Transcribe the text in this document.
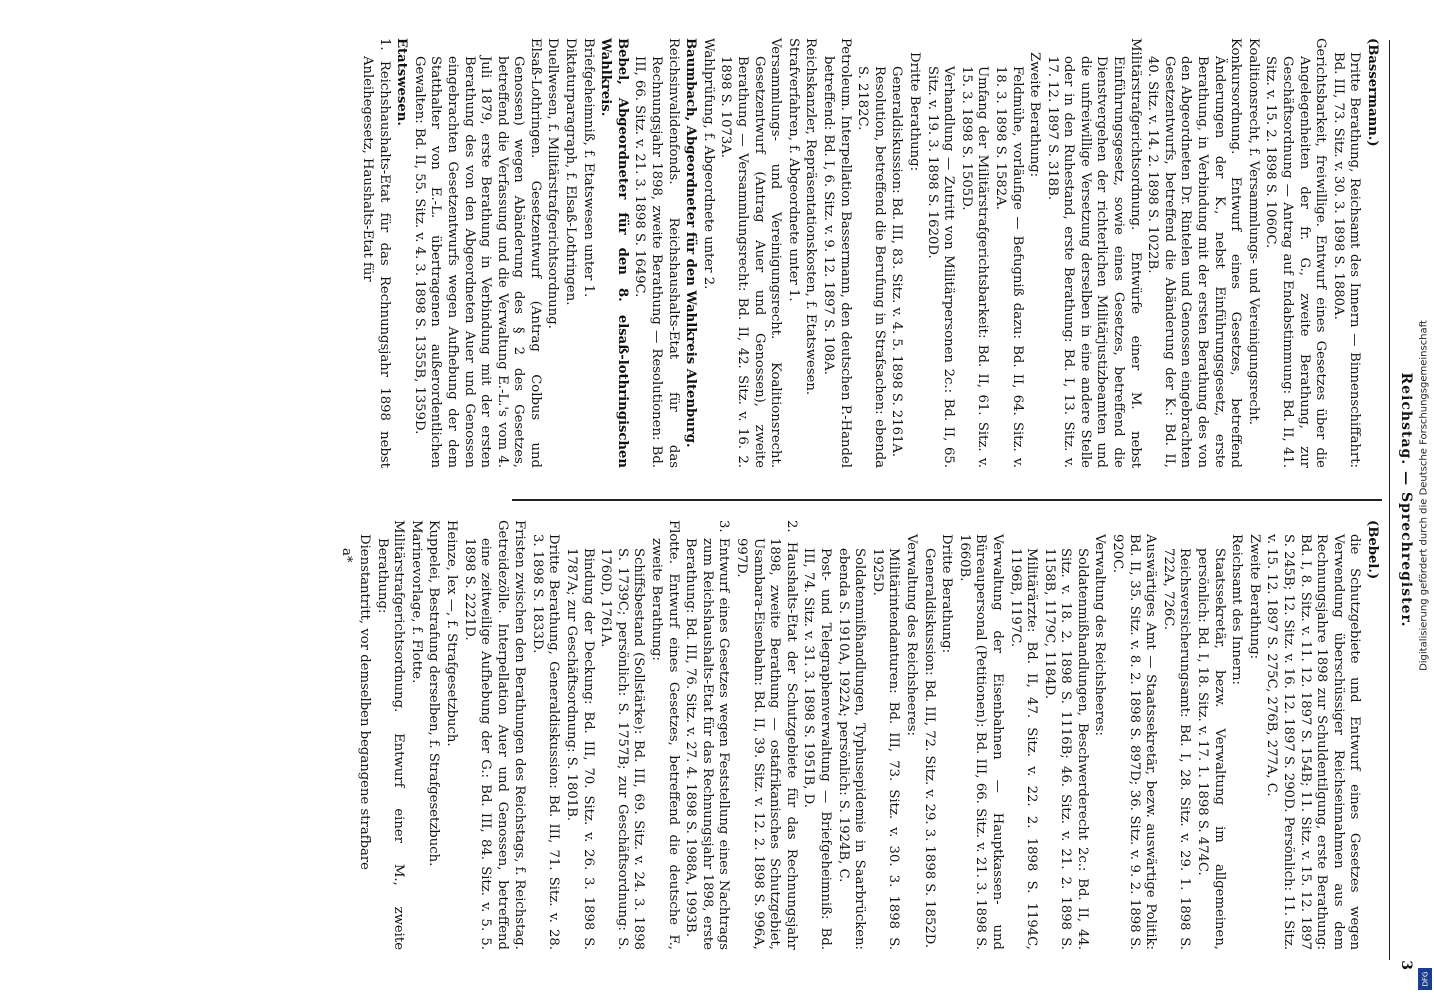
Reichstag. — Sprechregister.
3
(Bassermann.)
Dritte Berathung, Reichsamt des Innern — Binnenschiffahrt: Bd. III, 73. Sitz. v. 30. 3. 1898 S. 1880A.
Gerichtsbarkeit, freiwillige. Entwurf eines Gesetzes über die Angelegenheiten der fr. G., zweite Berathung, zur Geschäftsordnung — Antrag auf Endabstimmung: Bd. II, 41. Sitz. v. 15. 2. 1898 S. 1060C.
Koalitionsrecht, f. Versammlungs- und Vereinigungsrecht.
Konkursordnung. Entwurf eines Gesetzes, betreffend Änderungen der K., nebst Einführungsgesetz, erste Berathung, in Verbindung mit der ersten Berathung des von den Abgeordneten Dr. Rintelen und Genossen eingebrachten Gesetzentwurfs, betreffend die Abänderung der K.: Bd. II, 40. Sitz. v. 14. 2. 1898 S. 1022B.
Militärstrafgerichtsordnung. Entwürfe einer M. nebst Einführungsgesetz, sowie eines Gesetzes, betreffend die Dienstvergehen der richterlichen Militärjustizbeamten und die unfreiwillige Versetzung derselben in eine andere Stelle oder in den Ruhestand, erste Berathung: Bd. I, 13. Sitz. v. 17. 12. 1897 S. 318B.
Zweite Berathung:
Feldmühe, vorläufige — Befugniß dazu: Bd. II, 64. Sitz. v. 18. 3. 1898 S. 1582A.
Umfang der Militärstrafgerichtsbarkeit: Bd. II, 61. Sitz. v. 15. 3. 1898 S. 1505D.
Verhandlung — Zutritt von Militärpersonen 2c.: Bd. II, 65. Sitz. v. 19. 3. 1898 S. 1620D.
Dritte Berathung:
Generaldiskussion: Bd. III, 83. Sitz. v. 4. 5. 1898 S. 2161A.
Resolution, betreffend die Berufung in Strafsachen: ebenda S. 2182C.
Petroleum. Interpellation Bassermann, den deutschen P.-Handel betreffend: Bd. I, 6. Sitz. v. 9. 12. 1897 S. 108A.
Reichskanzler, Repräsentationskosten, f. Etatswesen.
Strafverfahren, f. Abgeordnete unter 1.
Versammlungs- und Vereinigungsrecht. Koalitionsrecht. Gesetzentwurf (Antrag Auer und Genossen), zweite Berathung — Versammlungsrecht: Bd. II, 42. Sitz. v. 16. 2. 1898 S. 1073A.
Wahlprüfung, f. Abgeordnete unter 2.
Baumbach, Abgeordneter für den Wahlkreis Altenburg.
Reichsinvalidenfonds. Reichshaushalts-Etat für das Rechnungsjahr 1898, zweite Berathung — Resolutionen: Bd. III, 66. Sitz. v. 21. 3. 1898 S. 1649C.
Bebel, Abgeordneter für den 8. elsaß-lothringischen Wahlkreis.
Briefgeheimniß, f. Etatswesen unter 1.
Diktaturparagraph, f. Elsaß-Lothringen.
Duellwesen, f. Militärstrafgerichtsordnung.
Elsaß-Lothringen. Gesetzentwurf (Antrag Colbus und Genossen) wegen Abänderung des § 2 des Gesetzes, betreffend die Verfassung und die Verwaltung E.-L.'s vom 4. Juli 1879, erste Berathung in Verbindung mit der ersten Berathung des von den Abgeordneten Auer und Genossen eingebrachten Gesetzentwurfs wegen Aufhebung der dem Statthalter von E.-L. übertragenen außerordentlichen Gewalten: Bd. II, 55. Sitz. v. 4. 3. 1898 S. 1355B, 1359D.
Etatswesen.
1. Reichshaushalts-Etat für das Rechnungsjahr 1898 nebst Anleihegesetz, Haushalts-Etat für
(Bebel.)
die Schutzgebiete und Entwurf eines Gesetzes wegen Verwendung überschüssiger Reichseinnahmen aus dem Rechnungsjahre 1898 zur Schuldentilgung, erste Berathung: Bd. I, 8. Sitz. v. 11. 12. 1897 S. 154B; 11. Sitz. v. 15. 12. 1897 S. 245B; 12. Sitz. v. 16. 12. 1897 S. 290D. Persönlich: 11. Sitz. v. 15. 12. 1897 S. 275C, 276B, 277A, C.
Zweite Berathung:
Reichsamt des Innern:
Staatssekretär, bezw. Verwaltung im allgemeinen, persönlich: Bd. I, 18. Sitz. v. 17. 1. 1898 S. 474C.
Reichsversicherungsamt: Bd. I, 28. Sitz. v. 29. 1. 1898 S. 722A, 726C.
Auswärtiges Amt — Staatssekretär, bezw. auswärtige Politik: Bd. II, 35. Sitz. v. 8. 2. 1898 S. 897D; 36. Sitz. v. 9. 2. 1898 S. 920C.
Verwaltung des Reichsheeres:
Soldatenmißhandlungen, Beschwerderecht 2c.: Bd. II, 44. Sitz. v. 18. 2. 1898 S. 1116B; 46. Sitz. v. 21. 2. 1898 S. 1158B, 1179C, 1184D.
Militärärzte: Bd. II, 47. Sitz. v. 22. 2. 1898 S. 1194C, 1196B, 1197C.
Verwaltung der Eisenbahnen — Hauptkassen- und Büreaupersonal (Petitionen): Bd. III, 66. Sitz. v. 21. 3. 1898 S. 1660B.
Dritte Berathung:
Generaldiskussion: Bd. III, 72. Sitz. v. 29. 3. 1898 S. 1852D.
Verwaltung des Reichsheeres:
Militärintendanturen: Bd. III, 73. Sitz. v. 30. 3. 1898 S. 1925D.
Soldatenmißhandlungen, Typhusepidemie in Saarbrücken: ebenda S. 1910A, 1922A; persönlich: S. 1924B, C.
Post- und Telegraphenverwaltung — Briefgeheimniß: Bd. III, 74. Sitz. v. 31. 3. 1898 S. 1951B, D.
2. Haushalts-Etat der Schutzgebiete für das Rechnungsjahr 1898, zweite Berathung — ostafrikanisches Schutzgebiet, Usambara-Eisenbahn: Bd. II, 39. Sitz. v. 12. 2. 1898 S. 996A, 997D.
3. Entwurf eines Gesetzes wegen Feststellung eines Nachtrags zum Reichshaushalts-Etat für das Rechnungsjahr 1898, erste Berathung: Bd. III, 76. Sitz. v. 27. 4. 1898 S. 1988A, 1993B.
Flotte. Entwurf eines Gesetzes, betreffend die deutsche F., zweite Berathung:
Schiffsbestand (Sollstärke): Bd. III, 69. Sitz. v. 24. 3. 1898 S. 1739C; persönlich: S. 1757B; zur Geschäftsordnung: S. 1760D, 1761A.
Bindung der Deckung: Bd. III, 70. Sitz. v. 26. 3. 1898 S. 1787A; zur Geschäftsordnung: S. 1801B.
Dritte Berathung, Generaldiskussion: Bd. III, 71. Sitz. v. 28. 3. 1898 S. 1833D.
Fristen zwischen den Berathungen des Reichstags, f. Reichstag.
Getreidezölle. Interpellation Auer und Genossen, betreffend eine zeitweilige Aufhebung der G.: Bd. III, 84. Sitz. v. 5. 5. 1898 S. 2221D.
Heinze, lex —, f. Strafgesetzbuch.
Kuppelei, Bestrafung derselben, f. Strafgesetzbuch.
Marinevorlage, f. Flotte.
Militärstrafgerichtsordnung. Entwurf einer M., zweite Berathung:
Dienstantritt, vor demselben begangene strafbare
a*	Digitalisierung gefördert durch die Deutsche Forschungsgemeinschaft
DFG
